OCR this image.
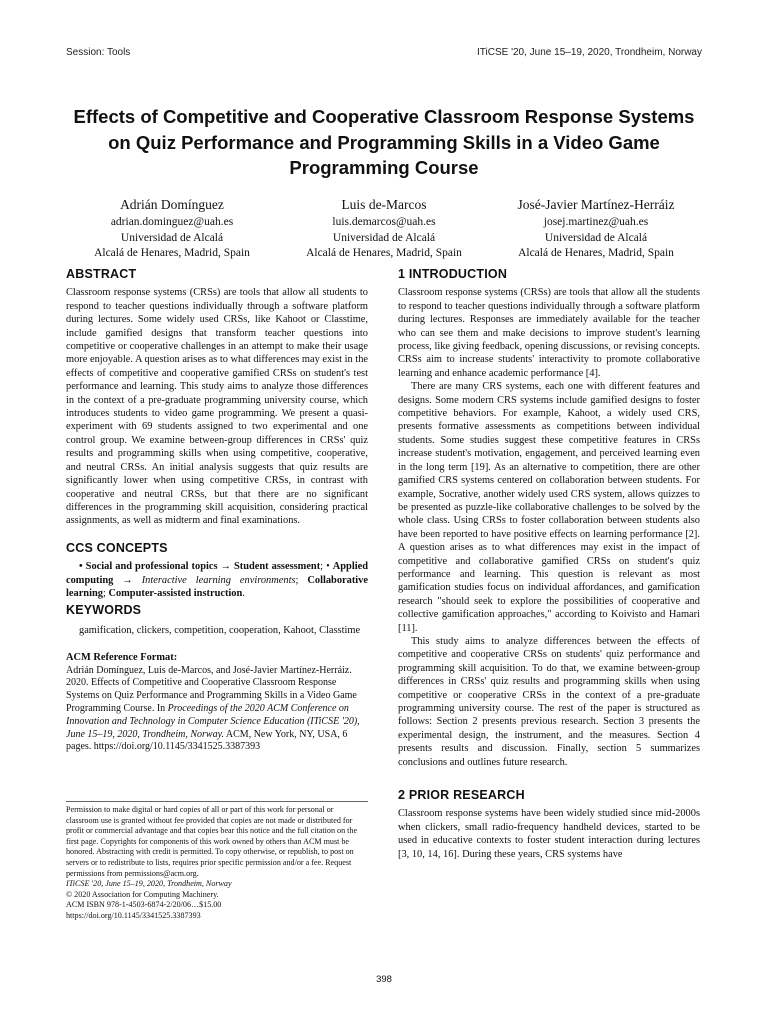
Session: Tools	ITiCSE '20, June 15–19, 2020, Trondheim, Norway
Effects of Competitive and Cooperative Classroom Response Systems on Quiz Performance and Programming Skills in a Video Game Programming Course
Adrián Domínguez
adrian.dominguez@uah.es
Universidad de Alcalá
Alcalá de Henares, Madrid, Spain
Luis de-Marcos
luis.demarcos@uah.es
Universidad de Alcalá
Alcalá de Henares, Madrid, Spain
José-Javier Martínez-Herráiz
josej.martinez@uah.es
Universidad de Alcalá
Alcalá de Henares, Madrid, Spain
ABSTRACT

Classroom response systems (CRSs) are tools that allow all students to respond to teacher questions individually through a software platform during lectures. Some widely used CRSs, like Kahoot or Classtime, include gamified designs that transform teacher questions into competitive or cooperative challenges in an attempt to make their usage more enjoyable. A question arises as to what differences may exist in the effects of competitive and cooperative gamified CRSs on student's test performance and learning. This study aims to analyze those differences in the context of a pre-graduate programming university course, which introduces students to video game programming. We present a quasi-experiment with 69 students assigned to two experimental and one control group. We examine between-group differences in CRSs' quiz results and programming skills when using competitive, cooperative, and neutral CRSs. An initial analysis suggests that quiz results are significantly lower when using competitive CRSs, in contrast with cooperative and neutral CRSs, but that there are no significant differences in the programming skill acquisition, considering practical assignments, as well as midterm and final examinations.

CCS CONCEPTS

• Social and professional topics → Student assessment; • Applied computing → Interactive learning environments; Collaborative learning; Computer-assisted instruction.

KEYWORDS

gamification, clickers, competition, cooperation, Kahoot, Classtime

ACM Reference Format:

Adrián Domínguez, Luis de-Marcos, and José-Javier Martínez-Herráiz. 2020. Effects of Competitive and Cooperative Classroom Response Systems on Quiz Performance and Programming Skills in a Video Game Programming Course. In Proceedings of the 2020 ACM Conference on Innovation and Technology in Computer Science Education (ITiCSE '20), June 15–19, 2020, Trondheim, Norway. ACM, New York, NY, USA, 6 pages. https://doi.org/10.1145/3341525.3387393

Permission to make digital or hard copies of all or part of this work for personal or classroom use is granted without fee provided that copies are not made or distributed for profit or commercial advantage and that copies bear this notice and the full citation on the first page. Copyrights for components of this work owned by others than ACM must be honored. Abstracting with credit is permitted. To copy otherwise, or republish, to post on servers or to redistribute to lists, requires prior specific permission and/or a fee. Request permissions from permissions@acm.org.

ITiCSE '20, June 15–19, 2020, Trondheim, Norway

© 2020 Association for Computing Machinery.

ACM ISBN 978-1-4503-6874-2/20/06…$15.00

https://doi.org/10.1145/3341525.3387393

1 INTRODUCTION

Classroom response systems (CRSs) are tools that allow all the students to respond to teacher questions individually through a software platform during lectures. Responses are immediately available for the teacher who can see them and make decisions to improve student's learning process, like giving feedback, opening discussions, or revising concepts. CRSs aim to increase students' interactivity to promote collaborative learning and enhance academic performance [4].

There are many CRS systems, each one with different features and designs. Some modern CRS systems include gamified designs to foster competitive behaviors. For example, Kahoot, a widely used CRS, presents formative assessments as competitions between individual students. Some studies suggest these competitive features in CRSs increase student's motivation, engagement, and perceived learning even in the long term [19]. As an alternative to competition, there are other gamified CRS systems centered on collaboration between students. For example, Socrative, another widely used CRS system, allows quizzes to be presented as puzzle-like collaborative challenges to be solved by the whole class. Using CRSs to foster collaboration between students also have been reported to have positive effects on learning performance [2]. A question arises as to what differences may exist in the impact of competitive and collaborative gamified CRSs on student's quiz performance and learning. This question is relevant as most gamification studies focus on individual affordances, and gamification research "should seek to explore the possibilities of cooperative and collective gamification approaches," according to Koivisto and Hamari [11].

This study aims to analyze differences between the effects of competitive and cooperative CRSs on students' quiz performance and programming skill acquisition. To do that, we examine between-group differences in CRSs' quiz results and programming skills when using competitive or cooperative CRSs in the context of a pre-graduate programming university course. The rest of the paper is structured as follows: Section 2 presents previous research. Section 3 presents the experimental design, the instrument, and the measures. Section 4 presents results and discussion. Finally, section 5 summarizes conclusions and outlines future research.

2 PRIOR RESEARCH

Classroom response systems have been widely studied since mid-2000s when clickers, small radio-frequency handheld devices, started to be used in educative contexts to foster student interaction during lectures [3, 10, 14, 16]. During these years, CRS systems have

398
